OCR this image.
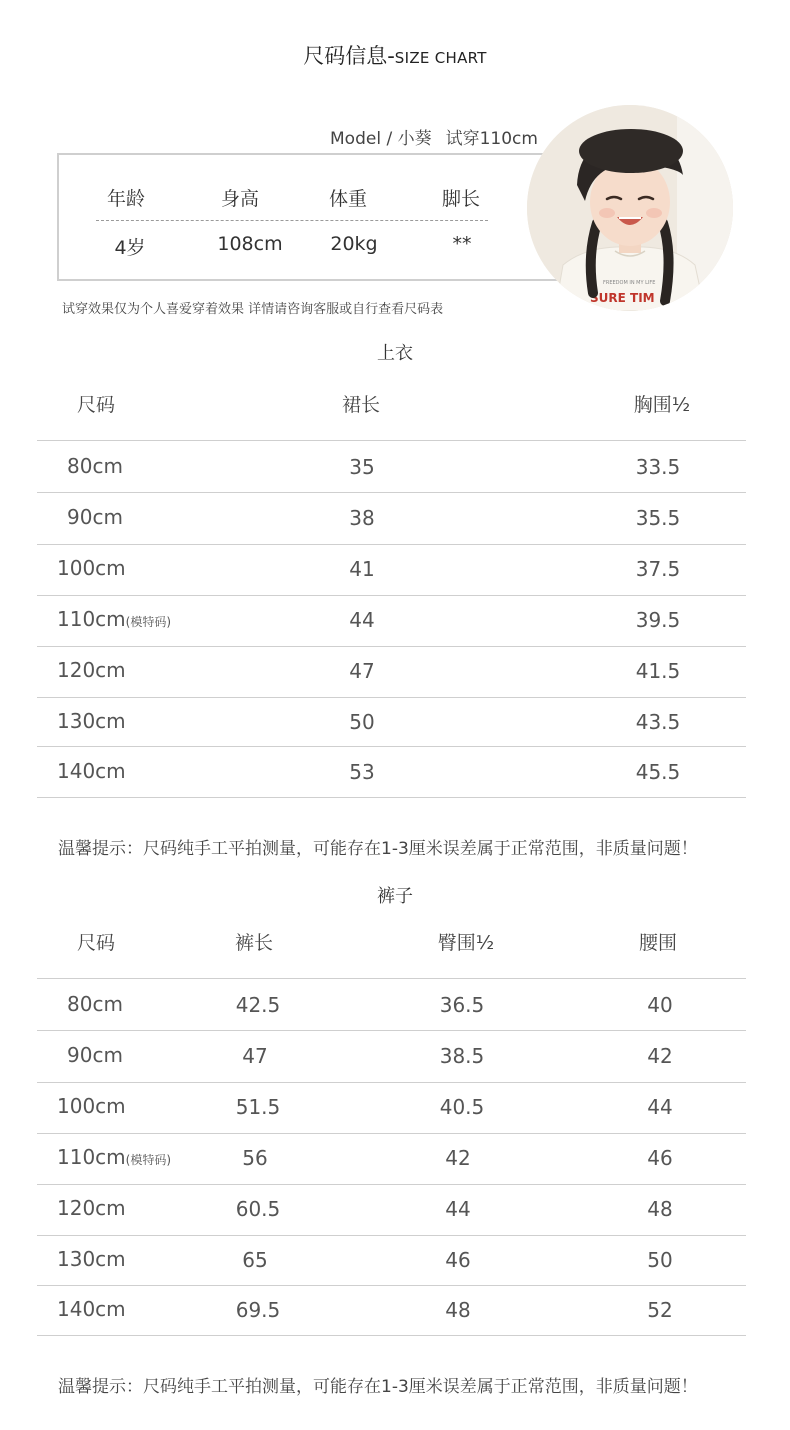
尺码信息-SIZE CHART
Model / 小葵 试穿110cm
年龄	身高	体重	脚长
4岁	108cm	20kg	**
SURE TIM
FREEDOM IN MY LIFE
试穿效果仅为个人喜爱穿着效果 详情请咨询客服或自行查看尺码表
上衣
尺码	裙长	胸围½
80cm	35	33.5
90cm	38	35.5
100cm	41	37.5
110cm(模特码)	44	39.5
120cm	47	41.5
130cm	50	43.5
140cm	53	45.5
温馨提示：尺码纯手工平拍测量，可能存在1-3厘米误差属于正常范围，非质量问题！
裤子
尺码	裤长	臀围½	腰围
80cm	42.5	36.5	40
90cm	47	38.5	42
100cm	51.5	40.5	44
110cm(模特码)	56	42	46
120cm	60.5	44	48
130cm	65	46	50
140cm	69.5	48	52
温馨提示：尺码纯手工平拍测量，可能存在1-3厘米误差属于正常范围，非质量问题！
